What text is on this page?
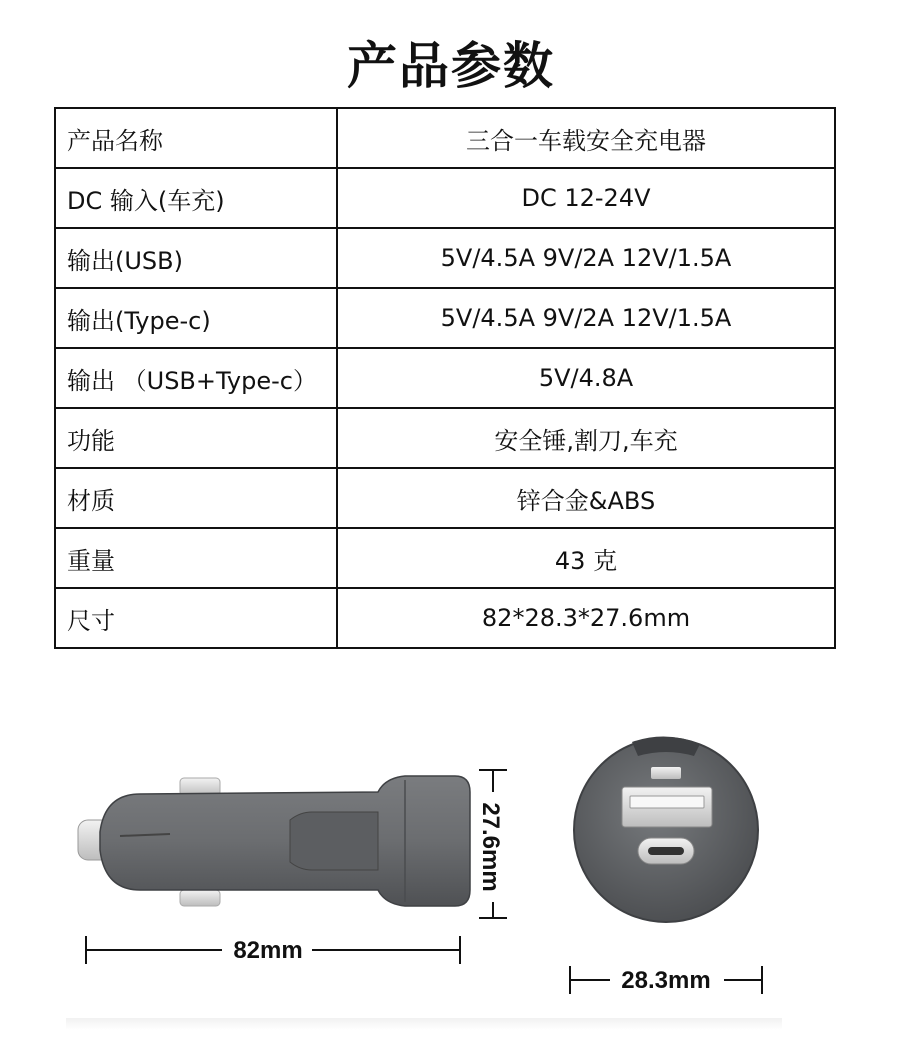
产品参数
产品名称	三合一车载安全充电器
DC 输入(车充)	DC 12-24V
输出(USB)	5V/4.5A 9V/2A 12V/1.5A
输出(Type-c)	5V/4.5A 9V/2A 12V/1.5A
输出 （USB+Type-c）	5V/4.8A
功能	安全锤,割刀,车充
材质	锌合金&ABS
重量	43 克
尺寸	82*28.3*27.6mm
27.6mm
82mm
28.3mm
